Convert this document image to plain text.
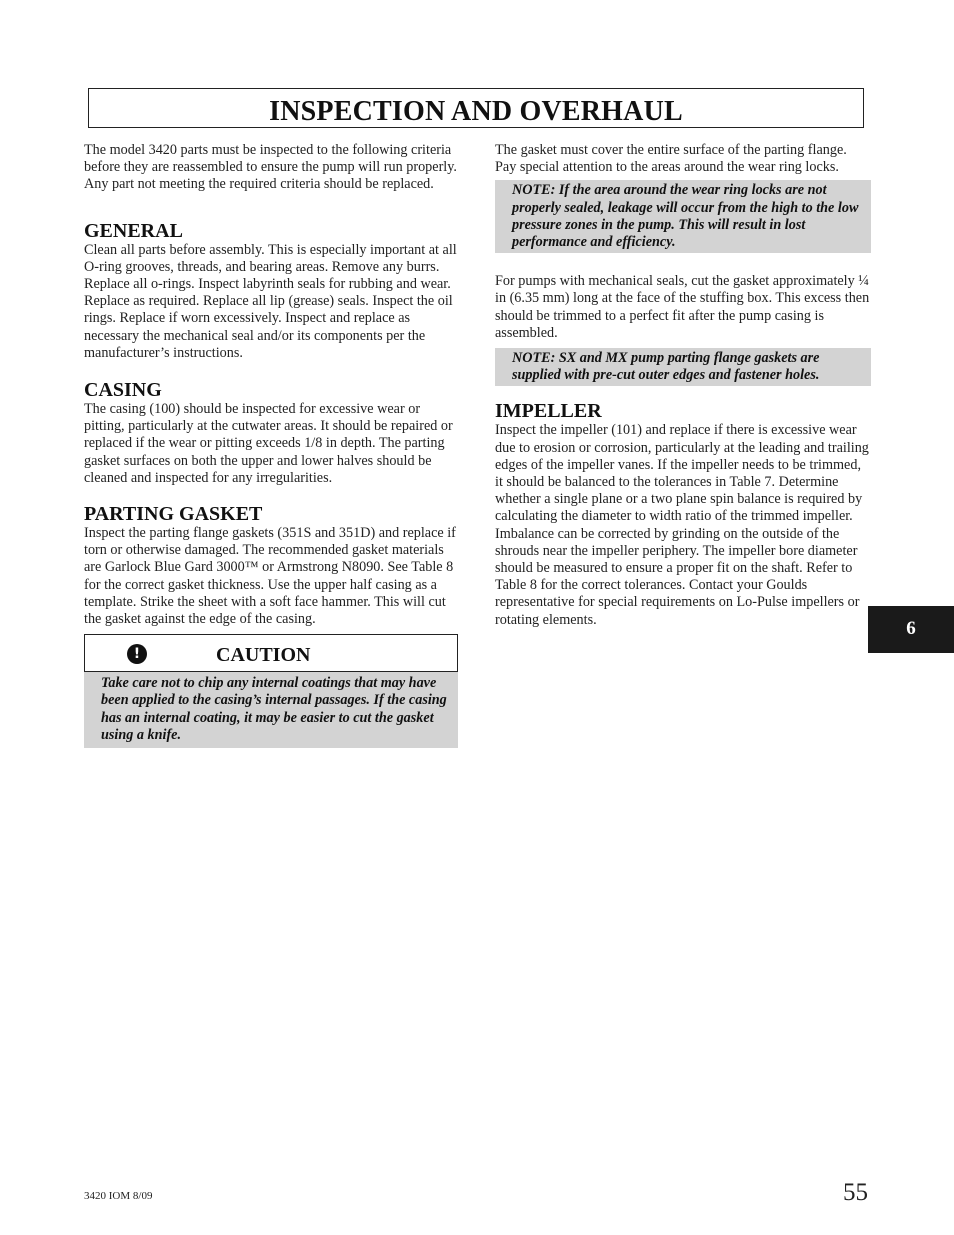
INSPECTION AND OVERHAUL

The model 3420 parts must be inspected to the following criteria before they are reassembled to ensure the pump will run properly. Any part not meeting the required criteria should be replaced.

GENERAL

Clean all parts before assembly. This is especially important at all O-ring grooves, threads, and bearing areas. Remove any burrs. Replace all o-rings. Inspect labyrinth seals for rubbing and wear. Replace as required. Replace all lip (grease) seals. Inspect the oil rings. Replace if worn excessively. Inspect and replace as necessary the mechanical seal and/or its components per the manufacturer’s instructions.

CASING

The casing (100) should be inspected for excessive wear or pitting, particularly at the cutwater areas. It should be repaired or replaced if the wear or pitting exceeds 1/8 in depth. The parting gasket surfaces on both the upper and lower halves should be cleaned and inspected for any irregularities.

PARTING GASKET

Inspect the parting flange gaskets (351S and 351D) and replace if torn or otherwise damaged. The recommended gasket materials are Garlock Blue Gard 3000™ or Armstrong N8090. See Table 8 for the correct gasket thickness. Use the upper half casing as a template. Strike the sheet with a soft face hammer. This will cut the gasket against the edge of the casing.

!	CAUTION
Take care not to chip any internal coatings that may have been applied to the casing’s internal passages. If the casing has an internal coating, it may be easier to cut the gasket using a knife.

The gasket must cover the entire surface of the parting flange. Pay special attention to the areas around the wear ring locks.

NOTE: If the area around the wear ring locks are not properly sealed, leakage will occur from the high to the low pressure zones in the pump. This will result in lost performance and efficiency.

For pumps with mechanical seals, cut the gasket approximately ¼ in (6.35 mm) long at the face of the stuffing box. This excess then should be trimmed to a perfect fit after the pump casing is assembled.

NOTE: SX and MX pump parting flange gaskets are supplied with pre-cut outer edges and fastener holes.
IMPELLER

Inspect the impeller (101) and replace if there is excessive wear due to erosion or corrosion, particularly at the leading and trailing edges of the impeller vanes. If the impeller needs to be trimmed, it should be balanced to the tolerances in Table 7. Determine whether a single plane or a two plane spin balance is required by calculating the diameter to width ratio of the trimmed impeller. Imbalance can be corrected by grinding on the outside of the shrouds near the impeller periphery. The impeller bore diameter should be measured to ensure a proper fit on the shaft. Refer to Table 8 for the correct tolerances. Contact your Goulds representative for special requirements on Lo-Pulse impellers or rotating elements.	6
3420 IOM 8/09	55
